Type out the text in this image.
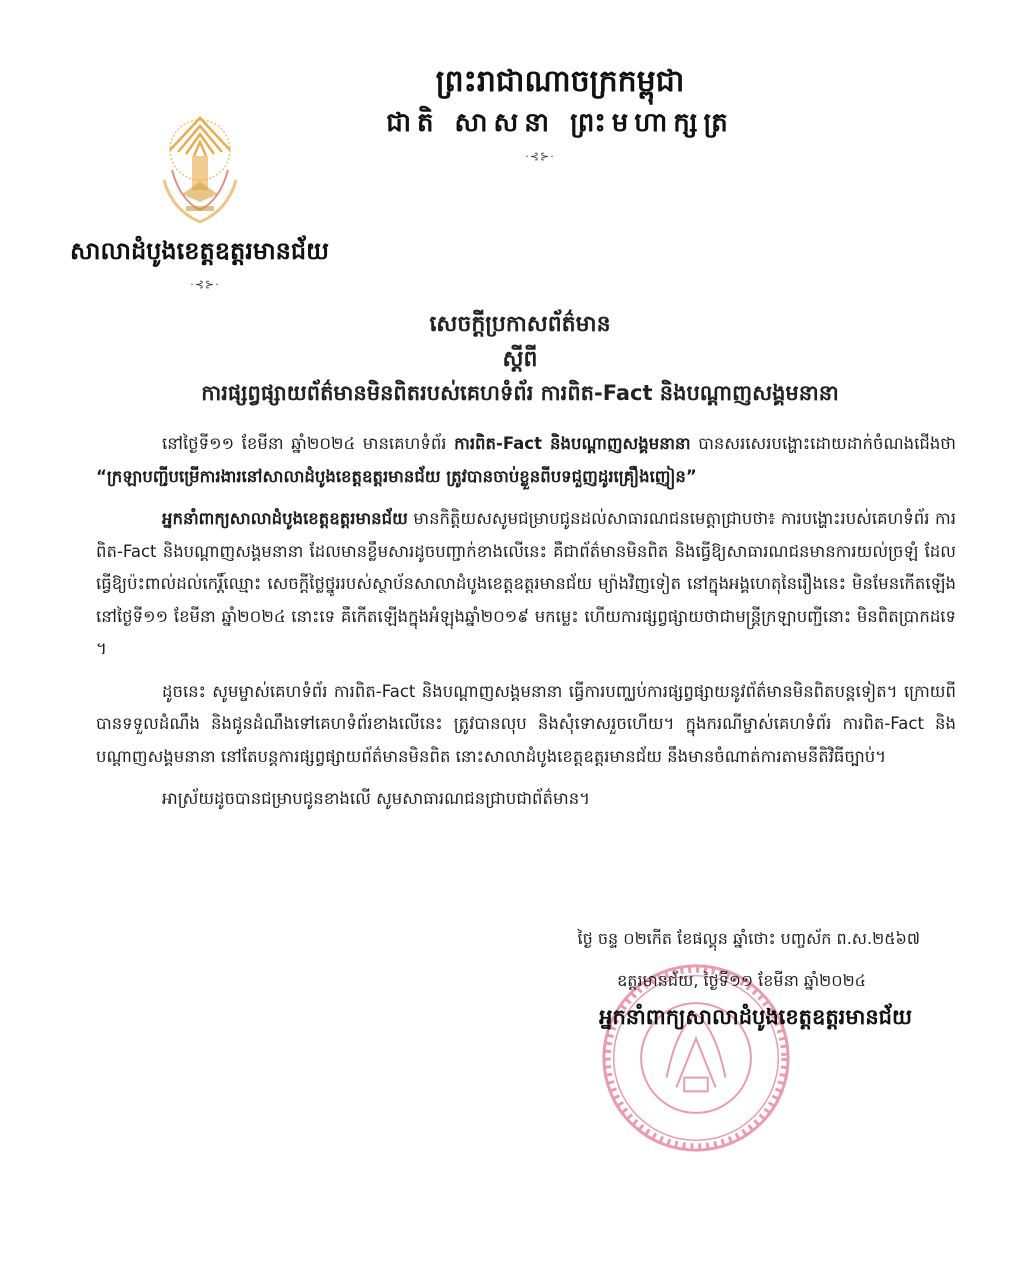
ព្រះរាជាណាចក្រកម្ពុជា
ជាតិ សាសនា ព្រះមហាក្សត្រ
·⊰⊱·
សាលាដំបូងខេត្តឧត្តរមានជ័យ
·⊰⊱·
សេចក្តីប្រកាសព័ត៌មាន
ស្តីពី
ការផ្សព្វផ្សាយព័ត៌មានមិនពិតរបស់គេហទំព័រ ការពិត-Fact និងបណ្តាញសង្គមនានា

នៅថ្ងៃទី១១ ខែមីនា ឆ្នាំ២០២៤ មានគេហទំព័រ ការពិត-Fact និងបណ្តាញសង្គមនានា បានសរសេរបង្ហោះដោយដាក់ចំណងជើងថា “ក្រឡាបញ្ជីបម្រើការងារនៅសាលាដំបូងខេត្តឧត្តរមានជ័យ ត្រូវបានចាប់ខ្លួនពីបទជួញដូរគ្រឿងញៀន”

អ្នកនាំពាក្យសាលាដំបូងខេត្តឧត្តរមានជ័យ មានកិត្តិយសសូមជម្រាបជូនដល់សាធារណជនមេត្តាជ្រាបថា៖ ការបង្ហោះរបស់គេហទំព័រ ការពិត-Fact និងបណ្តាញសង្គមនានា ដែលមានខ្លឹមសារដូចបញ្ជាក់ខាងលើនេះ គឺជាព័ត៌មានមិនពិត និងធ្វើឱ្យសាធារណជនមានការយល់ច្រឡំ ដែលធ្វើឱ្យប៉ះពាល់ដល់កេរ្តិ៍ឈ្មោះ សេចក្តីថ្លៃថ្នូររបស់ស្ថាប័នសាលាដំបូងខេត្តឧត្តរមានជ័យ ម្យ៉ាងវិញទៀត នៅក្នុងអង្គហេតុនៃរឿងនេះ មិនមែនកើតឡើងនៅថ្ងៃទី១១ ខែមីនា ឆ្នាំ២០២៤ នោះទេ គឺកើតឡើងក្នុងអំឡុងឆ្នាំ២០១៩ មកម្លេះ ហើយការផ្សព្វផ្សាយថាជាមន្ត្រីក្រឡាបញ្ជីនោះ មិនពិតប្រាកដទេ ។

ដូចនេះ សូមម្ចាស់គេហទំព័រ ការពិត-Fact និងបណ្តាញសង្គមនានា ធ្វើការបញ្ឈប់ការផ្សព្វផ្សាយនូវព័ត៌មានមិនពិតបន្តទៀត។ ក្រោយពីបានទទួលដំណឹង និងជូនដំណឹងទៅគេហទំព័រខាងលើនេះ ត្រូវបានលុប និងសុំទោសរួចហើយ។ ក្នុងករណីម្ចាស់គេហទំព័រ ការពិត-Fact និងបណ្តាញសង្គមនានា នៅតែបន្តការផ្សព្វផ្សាយព័ត៌មានមិនពិត នោះសាលាដំបូងខេត្តឧត្តរមានជ័យ នឹងមានចំណាត់ការតាមនីតិវិធីច្បាប់។

អាស្រ័យដូចបានជម្រាបជូនខាងលើ សូមសាធារណជនជ្រាបជាព័ត៌មាន។

ថ្ងៃ ចន្ទ ០២កើត ខែផល្គុន ឆ្នាំថោះ បញ្ចស័ក ព.ស.២៥៦៧
ឧត្តរមានជ័យ, ថ្ងៃទី១១ ខែមីនា ឆ្នាំ២០២៤
អ្នកនាំពាក្យសាលាដំបូងខេត្តឧត្តរមានជ័យ
